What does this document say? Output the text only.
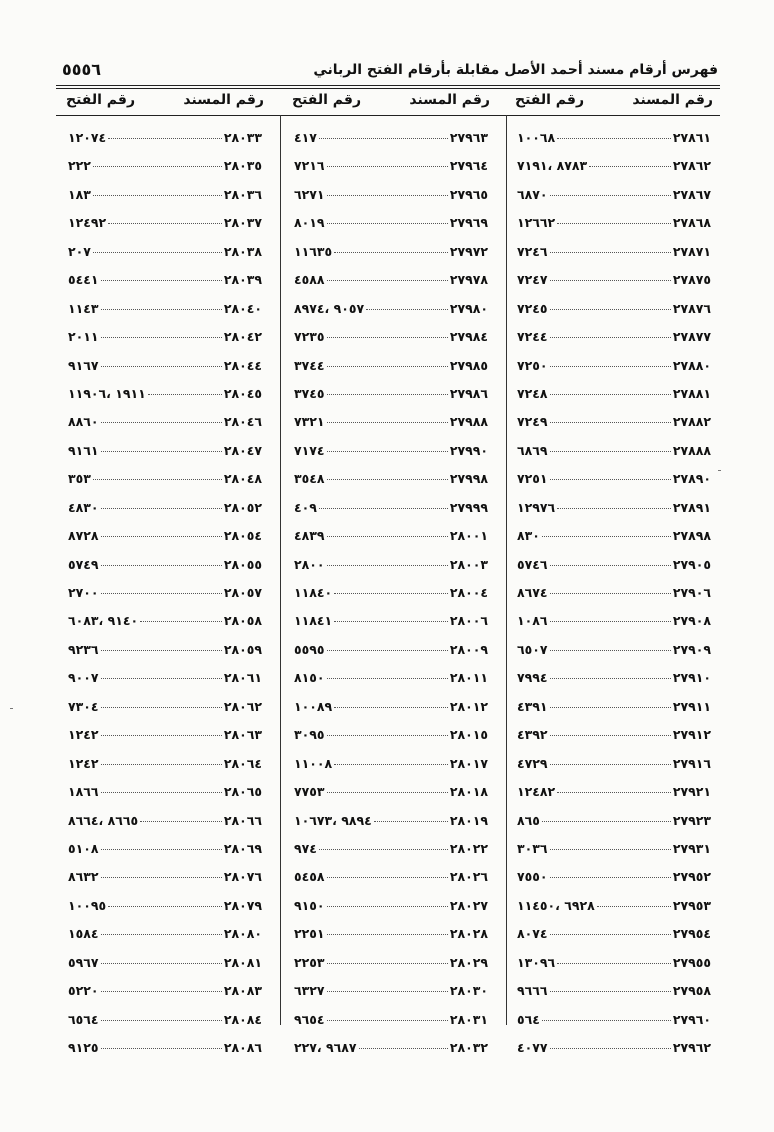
فهرس أرقام مسند أحمد الأصل مقابلة بأرقام الفتح الرباني
٥٥٥٦
رقم المسند
رقم الفتح
٢٧٨٦١
١٠٠٦٨
٢٧٨٦٢
٨٧٨٣ ،٧١٩١
٢٧٨٦٧
٦٨٧٠
٢٧٨٦٨
١٢٦٦٢
٢٧٨٧١
٧٢٤٦
٢٧٨٧٥
٧٢٤٧
٢٧٨٧٦
٧٢٤٥
٢٧٨٧٧
٧٢٤٤
٢٧٨٨٠
٧٢٥٠
٢٧٨٨١
٧٢٤٨
٢٧٨٨٢
٧٢٤٩
٢٧٨٨٨
٦٨٦٩
٢٧٨٩٠
٧٢٥١
٢٧٨٩١
١٢٩٧٦
٢٧٨٩٨
٨٣٠
٢٧٩٠٥
٥٧٤٦
٢٧٩٠٦
٨٦٧٤
٢٧٩٠٨
١٠٨٦
٢٧٩٠٩
٦٥٠٧
٢٧٩١٠
٧٩٩٤
٢٧٩١١
٤٣٩١
٢٧٩١٢
٤٣٩٢
٢٧٩١٦
٤٧٢٩
٢٧٩٢١
١٢٤٨٢
٢٧٩٢٣
٨٦٥
٢٧٩٣١
٣٠٣٦
٢٧٩٥٢
٧٥٥٠
٢٧٩٥٣
٦٩٢٨ ،١١٤٥٠
٢٧٩٥٤
٨٠٧٤
٢٧٩٥٥
١٣٠٩٦
٢٧٩٥٨
٩٦٦٦
٢٧٩٦٠
٥٦٤
٢٧٩٦٢
٤٠٧٧
رقم المسند
رقم الفتح
٢٧٩٦٣
٤١٧
٢٧٩٦٤
٧٢١٦
٢٧٩٦٥
٦٢٧١
٢٧٩٦٩
٨٠١٩
٢٧٩٧٢
١١٦٣٥
٢٧٩٧٨
٤٥٨٨
٢٧٩٨٠
٩٠٥٧ ،٨٩٧٤
٢٧٩٨٤
٧٢٣٥
٢٧٩٨٥
٣٧٤٤
٢٧٩٨٦
٣٧٤٥
٢٧٩٨٨
٧٣٢١
٢٧٩٩٠
٧١٧٤
٢٧٩٩٨
٣٥٤٨
٢٧٩٩٩
٤٠٩
٢٨٠٠١
٤٨٣٩
٢٨٠٠٣
٢٨٠٠
٢٨٠٠٤
١١٨٤٠
٢٨٠٠٦
١١٨٤١
٢٨٠٠٩
٥٥٩٥
٢٨٠١١
٨١٥٠
٢٨٠١٢
١٠٠٨٩
٢٨٠١٥
٣٠٩٥
٢٨٠١٧
١١٠٠٨
٢٨٠١٨
٧٧٥٣
٢٨٠١٩
٩٨٩٤ ،١٠٦٧٣
٢٨٠٢٢
٩٧٤
٢٨٠٢٦
٥٤٥٨
٢٨٠٢٧
٩١٥٠
٢٨٠٢٨
٢٢٥١
٢٨٠٢٩
٢٢٥٣
٢٨٠٣٠
٦٣٢٧
٢٨٠٣١
٩٦٥٤
٢٨٠٣٢
٩٦٨٧ ،٢٢٧
رقم المسند
رقم الفتح
٢٨٠٣٣
١٢٠٧٤
٢٨٠٣٥
٢٢٢
٢٨٠٣٦
١٨٣
٢٨٠٣٧
١٢٤٩٢
٢٨٠٣٨
٢٠٧
٢٨٠٣٩
٥٤٤١
٢٨٠٤٠
١١٤٣
٢٨٠٤٢
٢٠١١
٢٨٠٤٤
٩١٦٧
٢٨٠٤٥
١٩١١ ،١١٩٠٦
٢٨٠٤٦
٨٨٦٠
٢٨٠٤٧
٩١٦١
٢٨٠٤٨
٣٥٣
٢٨٠٥٢
٤٨٣٠
٢٨٠٥٤
٨٧٢٨
٢٨٠٥٥
٥٧٤٩
٢٨٠٥٧
٢٧٠٠
٢٨٠٥٨
٩١٤٠ ،٦٠٨٣
٢٨٠٥٩
٩٢٣٦
٢٨٠٦١
٩٠٠٧
٢٨٠٦٢
٧٣٠٤
٢٨٠٦٣
١٢٤٢
٢٨٠٦٤
١٢٤٢
٢٨٠٦٥
١٨٦٦
٢٨٠٦٦
٨٦٦٥ ،٨٦٦٤
٢٨٠٦٩
٥١٠٨
٢٨٠٧٦
٨٦٣٢
٢٨٠٧٩
١٠٠٩٥
٢٨٠٨٠
١٥٨٤
٢٨٠٨١
٥٩٦٧
٢٨٠٨٣
٥٢٢٠
٢٨٠٨٤
٦٥٦٤
٢٨٠٨٦
٩١٢٥
